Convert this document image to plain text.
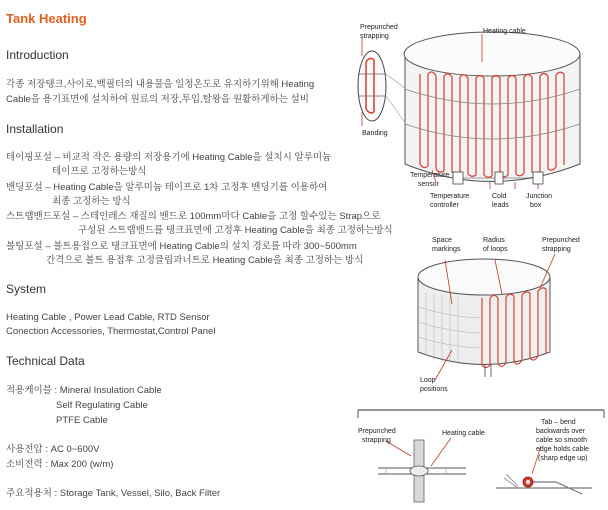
Tank Heating
Introduction
각종 저장탱크,사이로,백필터의 내용물을 일정온도로 유지하기위해 Heating
Cable을 용기표면에 설치하여 원료의 저장,투입,탈왕을 원활하게하는 설비
Installation
테이핑포설 – 비교적 작은 용량의 저장용기에 Heating Cable을 설치시 알루미늄
테이프로 고정하는방식
밴딩포설 – Heating Cable을 알루미늄 테이프로 1차 고정후 밴딩기를 이용하여
최종 고정하는 방식
스트랩밴드포설 – 스테인레스 재질의 밴드로 100mm마다 Cable을 고정 할수있는 Strap으로
구성된 스트랩밴드를 탱크표면에 고정후 Heating Cable을 최종 고정하는방식
볼팅포설 – 볼트용접으로 탱크표면에 Heating Cable의 설치 경로를 따라 300~500mm
간격으로 볼트 용접후 고정클립과너트로 Heating Cable을 최종 고정하는 방식
System
Heating Cable , Power Lead Cable, RTD Sensor
Conection Accessories, Thermostat,Control Panel
Technical Data
적용케이블 : Mineral Insulation Cable
Self Regulating Cable
PTFE Cable
사용전압 : AC 0~600V
소비전력 : Max 200 (w/m)
주요적용처 : Storage Tank, Vessel, Silo, Back Filter
Prepunched
strapping
Heating cable
Banding
Temperature
sensor
Temperature
controller
Cold
leads
Junction
box
Space
markings
Radius
of loops
Prepunched
strapping
Loop
positions
Prepunched
strapping
Heating cable
Tab – bend
backwards over
cable so smooth
edge holds cable
(sharp edge up)
